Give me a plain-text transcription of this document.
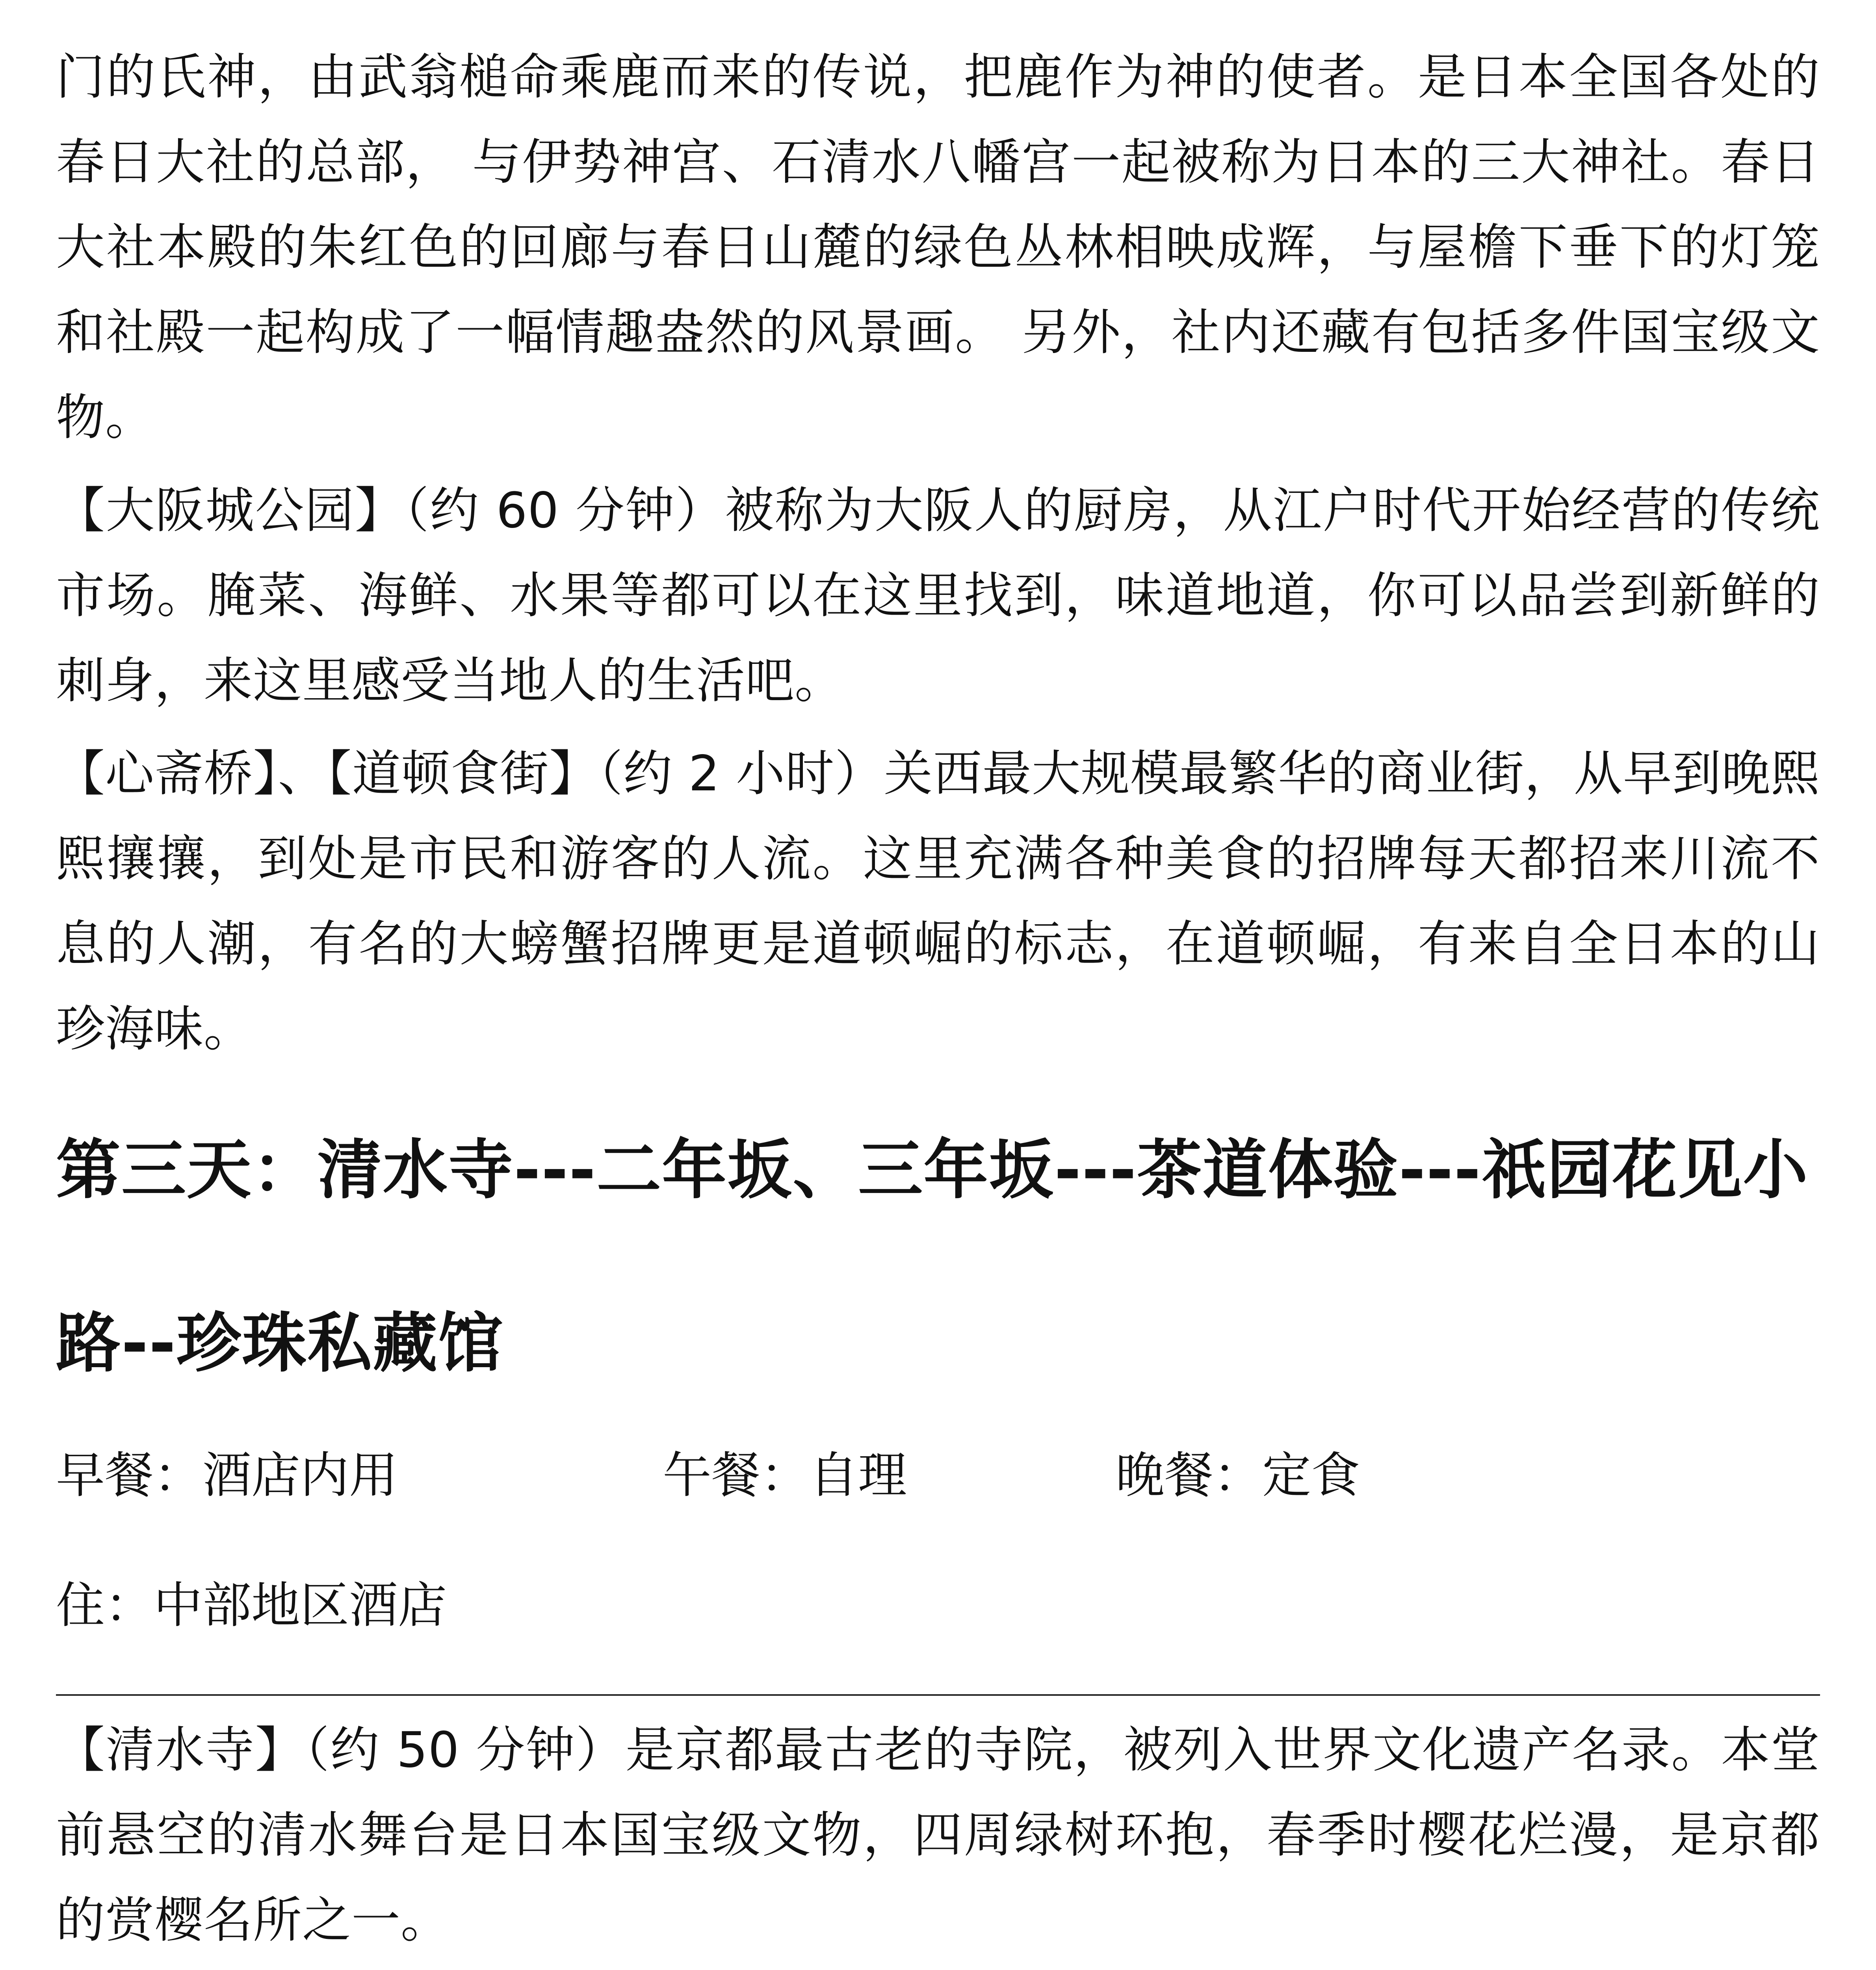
门的氏神，由武翁槌命乘鹿而来的传说，把鹿作为神的使者。是日本全国各处的春日大社的总部， 与伊势神宫、石清水八幡宫一起被称为日本的三大神社。春日大社本殿的朱红色的回廊与春日山麓的绿色丛林相映成辉，与屋檐下垂下的灯笼和社殿一起构成了一幅情趣盎然的风景画。 另外，社内还藏有包括多件国宝级文物。

【大阪城公园】（约 60 分钟）被称为大阪人的厨房，从江户时代开始经营的传统市场。腌菜、海鲜、水果等都可以在这里找到，味道地道，你可以品尝到新鲜的刺身，来这里感受当地人的生活吧。

【心斋桥】、【道顿食街】（约 2 小时）关西最大规模最繁华的商业街，从早到晚熙熙攘攘，到处是市民和游客的人流。这里充满各种美食的招牌每天都招来川流不息的人潮，有名的大螃蟹招牌更是道顿崛的标志，在道顿崛，有来自全日本的山珍海味。

第三天：清水寺---二年坂、三年坂---茶道体验---祇园花见小路--珍珠私藏馆
早餐：酒店内用	午餐：自理	晚餐：定食
住：中部地区酒店

【清水寺】（约 50 分钟）是京都最古老的寺院，被列入世界文化遗产名录。本堂前悬空的清水舞台是日本国宝级文物，四周绿树环抱，春季时樱花烂漫，是京都的赏樱名所之一。
